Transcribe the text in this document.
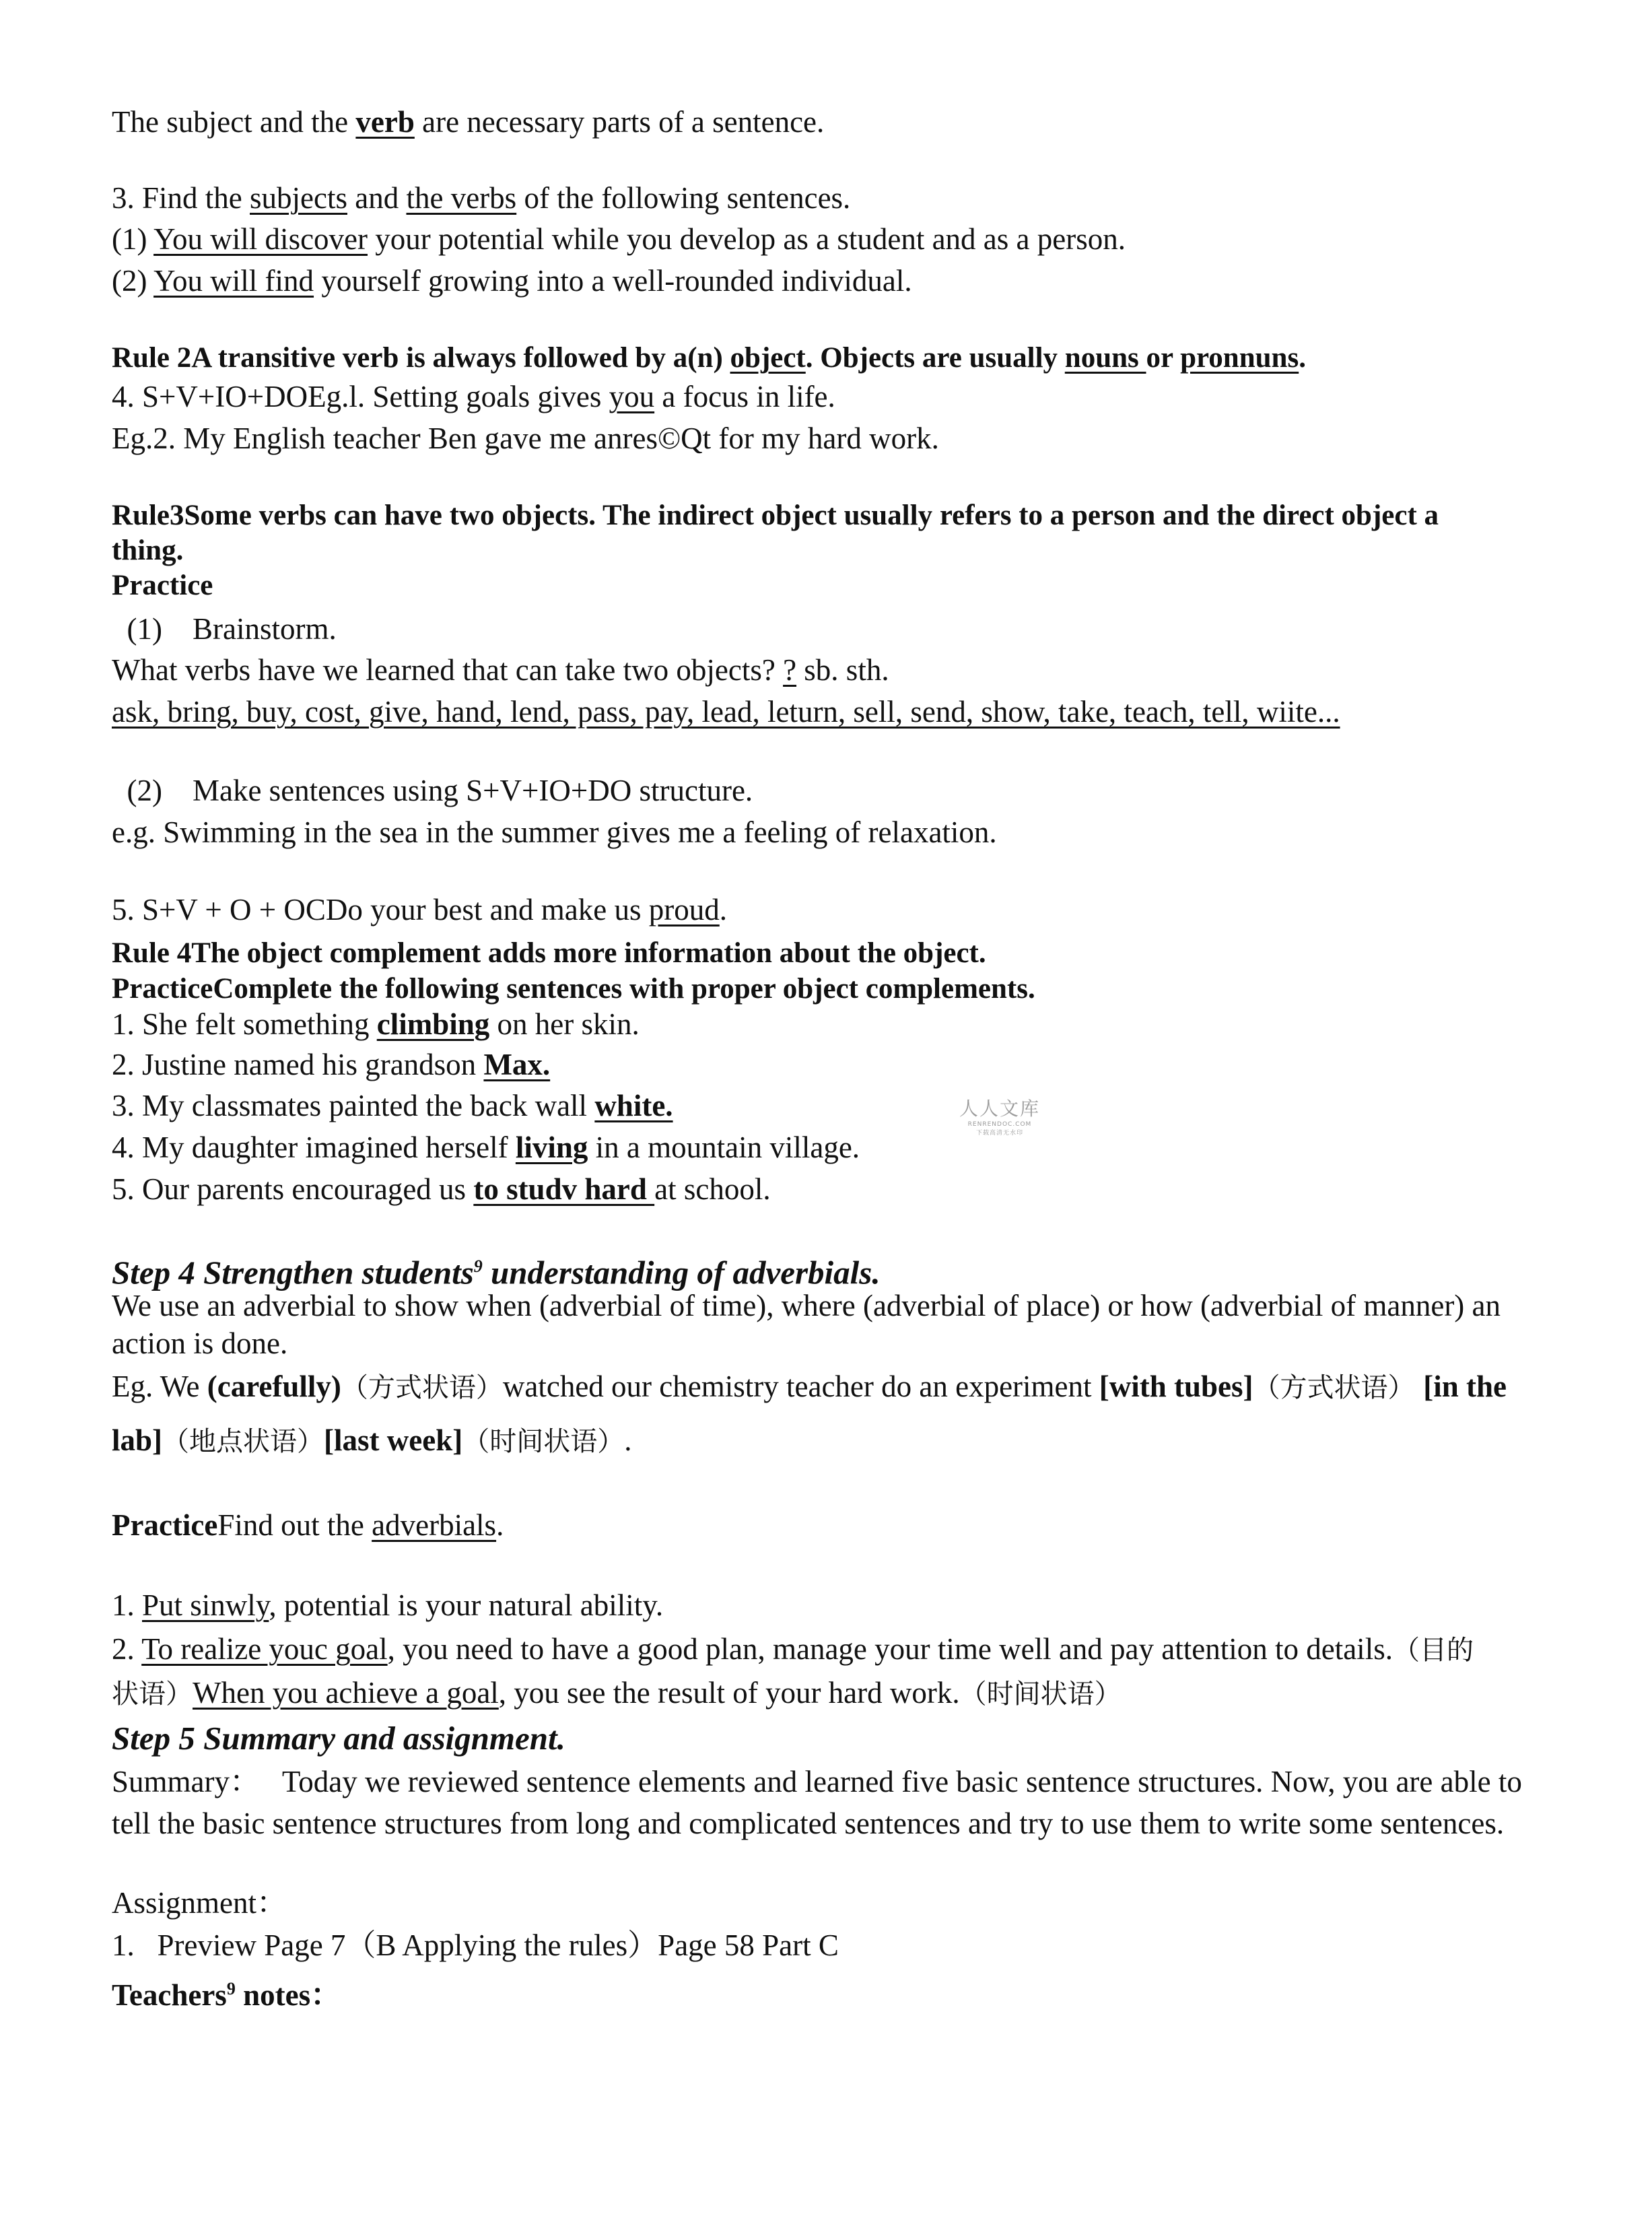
The subject and the verb are necessary parts of a sentence.
3. Find the subjects and the verbs of the following sentences.
(1) You will discover your potential while you develop as a student and as a person.
(2) You will find yourself growing into a well-rounded individual.
Rule 2A transitive verb is always followed by a(n) object. Objects are usually nouns or pronnuns.
4. S+V+IO+DOEg.l. Setting goals gives you a focus in life.
Eg.2. My English teacher Ben gave me anres©Qt for my hard work.
Rule3Some verbs can have two objects. The indirect object usually refers to a person and the direct object a
thing.
Practice
(1)    Brainstorm.
What verbs have we learned that can take two objects? ? sb. sth.
ask, bring, buy, cost, give, hand, lend, pass, pay, lead, leturn, sell, send, show, take, teach, tell, wiite...
(2)    Make sentences using S+V+IO+DO structure.
e.g. Swimming in the sea in the summer gives me a feeling of relaxation.
5. S+V + O + OCDo your best and make us proud.
Rule 4The object complement adds more information about the object.
PracticeComplete the following sentences with proper object complements.
1. She felt something climbing on her skin.
2. Justine named his grandson Max.
3. My classmates painted the back wall white.
4. My daughter imagined herself living in a mountain village.
5. Our parents encouraged us to studv hard at school.
Step 4 Strengthen students$^9$ understanding of adverbials.
We use an adverbial to show when (adverbial of time), where (adverbial of place) or how (adverbial of manner) an
action is done.
Eg. We (carefully)（方式状语）watched our chemistry teacher do an experiment [with tubes]（方式状语） [in the
lab]（地点状语）[last week]（时间状语）.
PracticeFind out the adverbials.
1. Put sinwly, potential is your natural ability.
2. To realize youc goal, you need to have a good plan, manage your time well and pay attention to details.（目的
状语）When you achieve a goal, you see the result of your hard work.（时间状语）
Step 5 Summary and assignment.
Summary：   Today we reviewed sentence elements and learned five basic sentence structures. Now, you are able to
tell the basic sentence structures from long and complicated sentences and try to use them to write some sentences.
Assignment：
1.   Preview Page 7（B Applying the rules）Page 58 Part C
Teachers$^9$ notes：
人人文库
RENRENDOC.COM
下载高清无水印
